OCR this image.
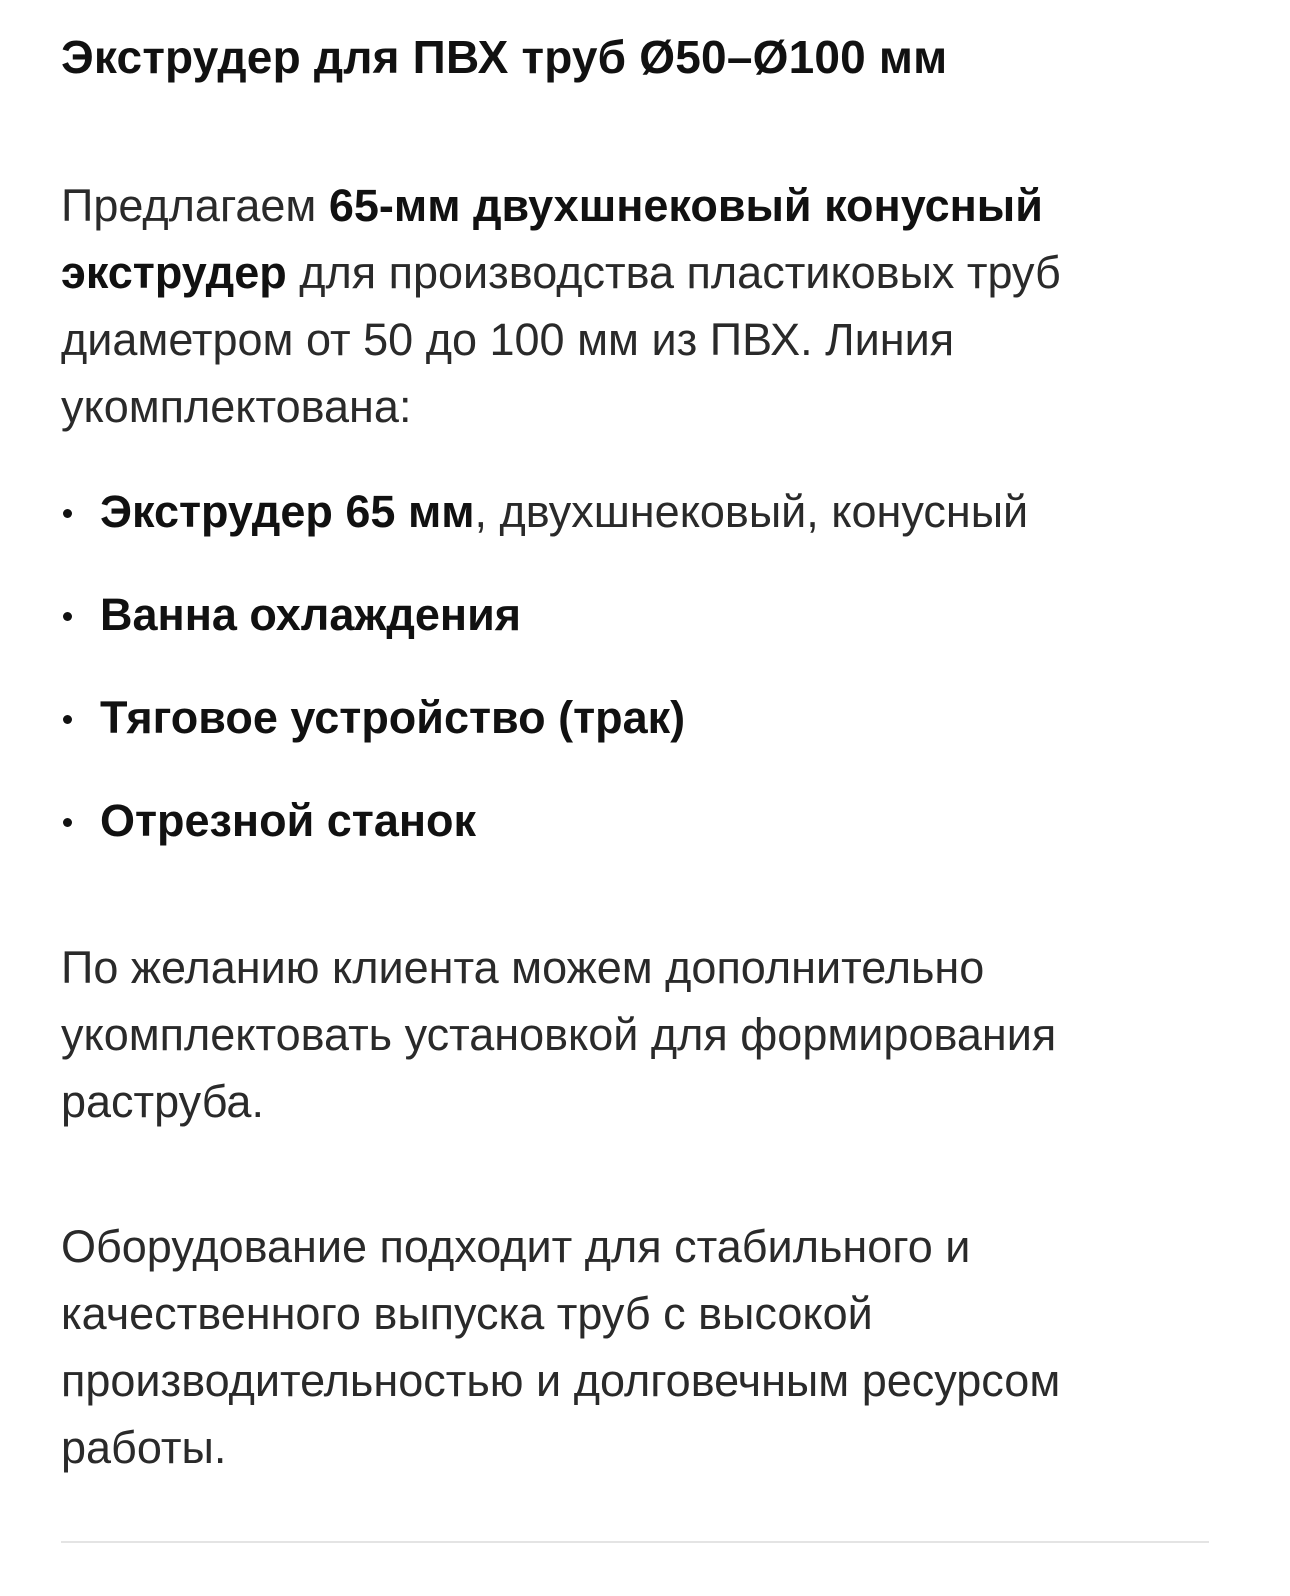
Экструдер для ПВХ труб Ø50–Ø100 мм

Предлагаем 65-мм двухшнековый конусный экструдер для производства пластиковых труб диаметром от 50 до 100 мм из ПВХ. Линия укомплектована:

Экструдер 65 мм, двухшнековый, конусный
Ванна охлаждения
Тяговое устройство (трак)
Отрезной станок

По желанию клиента можем дополнительно укомплектовать установкой для формирования раструба.

Оборудование подходит для стабильного и качественного выпуска труб с высокой производительностью и долговечным ресурсом работы.
